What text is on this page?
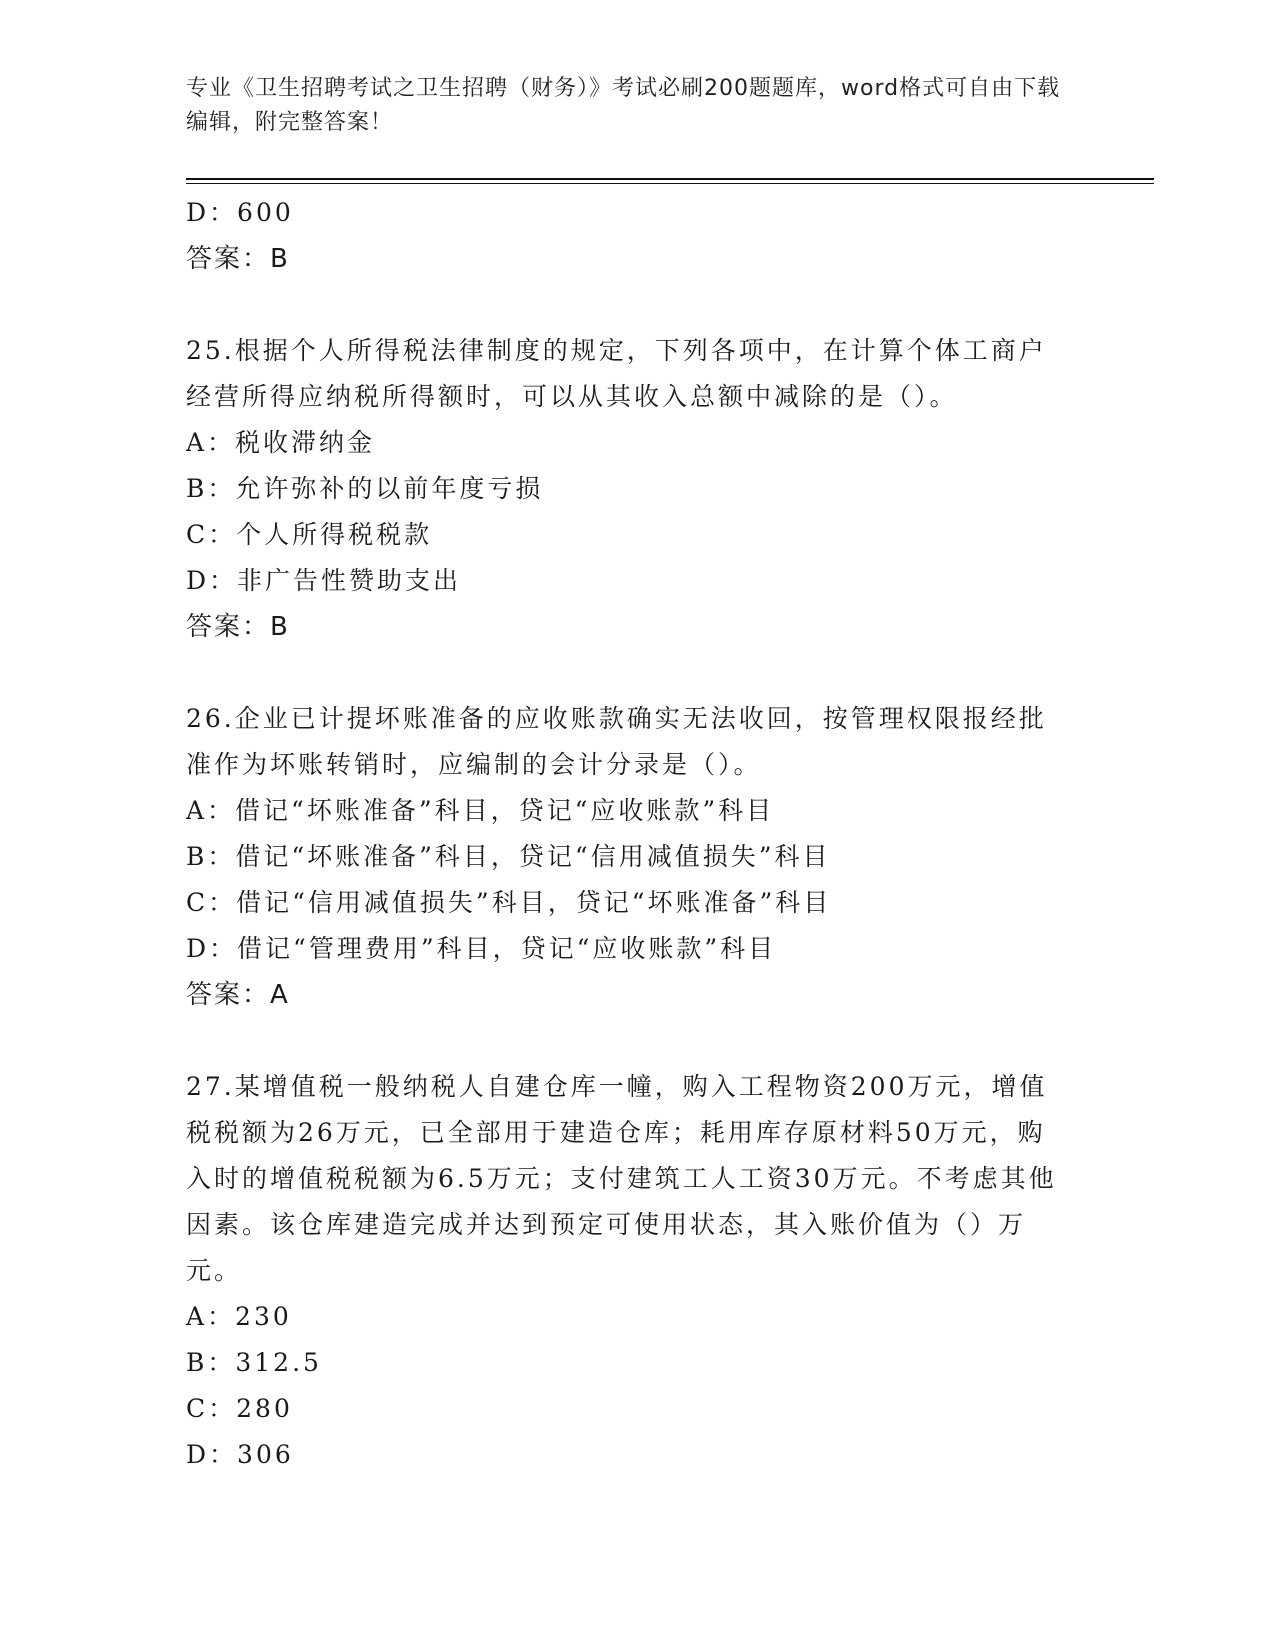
专业《卫生招聘考试之卫生招聘（财务）》考试必刷200题题库，word格式可自由下载编辑，附完整答案！

D：600

答案：B

25.根据个人所得税法律制度的规定，下列各项中，在计算个体工商户经营所得应纳税所得额时，可以从其收入总额中减除的是（）。

A：税收滞纳金

B：允许弥补的以前年度亏损

C：个人所得税税款

D：非广告性赞助支出

答案：B

26.企业已计提坏账准备的应收账款确实无法收回，按管理权限报经批准作为坏账转销时，应编制的会计分录是（）。

A：借记“坏账准备”科目，贷记“应收账款”科目

B：借记“坏账准备”科目，贷记“信用减值损失”科目

C：借记“信用减值损失”科目，贷记“坏账准备”科目

D：借记“管理费用”科目，贷记“应收账款”科目

答案：A

27.某增值税一般纳税人自建仓库一幢，购入工程物资200万元，增值税税额为26万元，已全部用于建造仓库；耗用库存原材料50万元，购入时的增值税税额为6.5万元；支付建筑工人工资30万元。不考虑其他因素。该仓库建造完成并达到预定可使用状态，其入账价值为（）万元。

A：230

B：312.5

C：280

D：306
